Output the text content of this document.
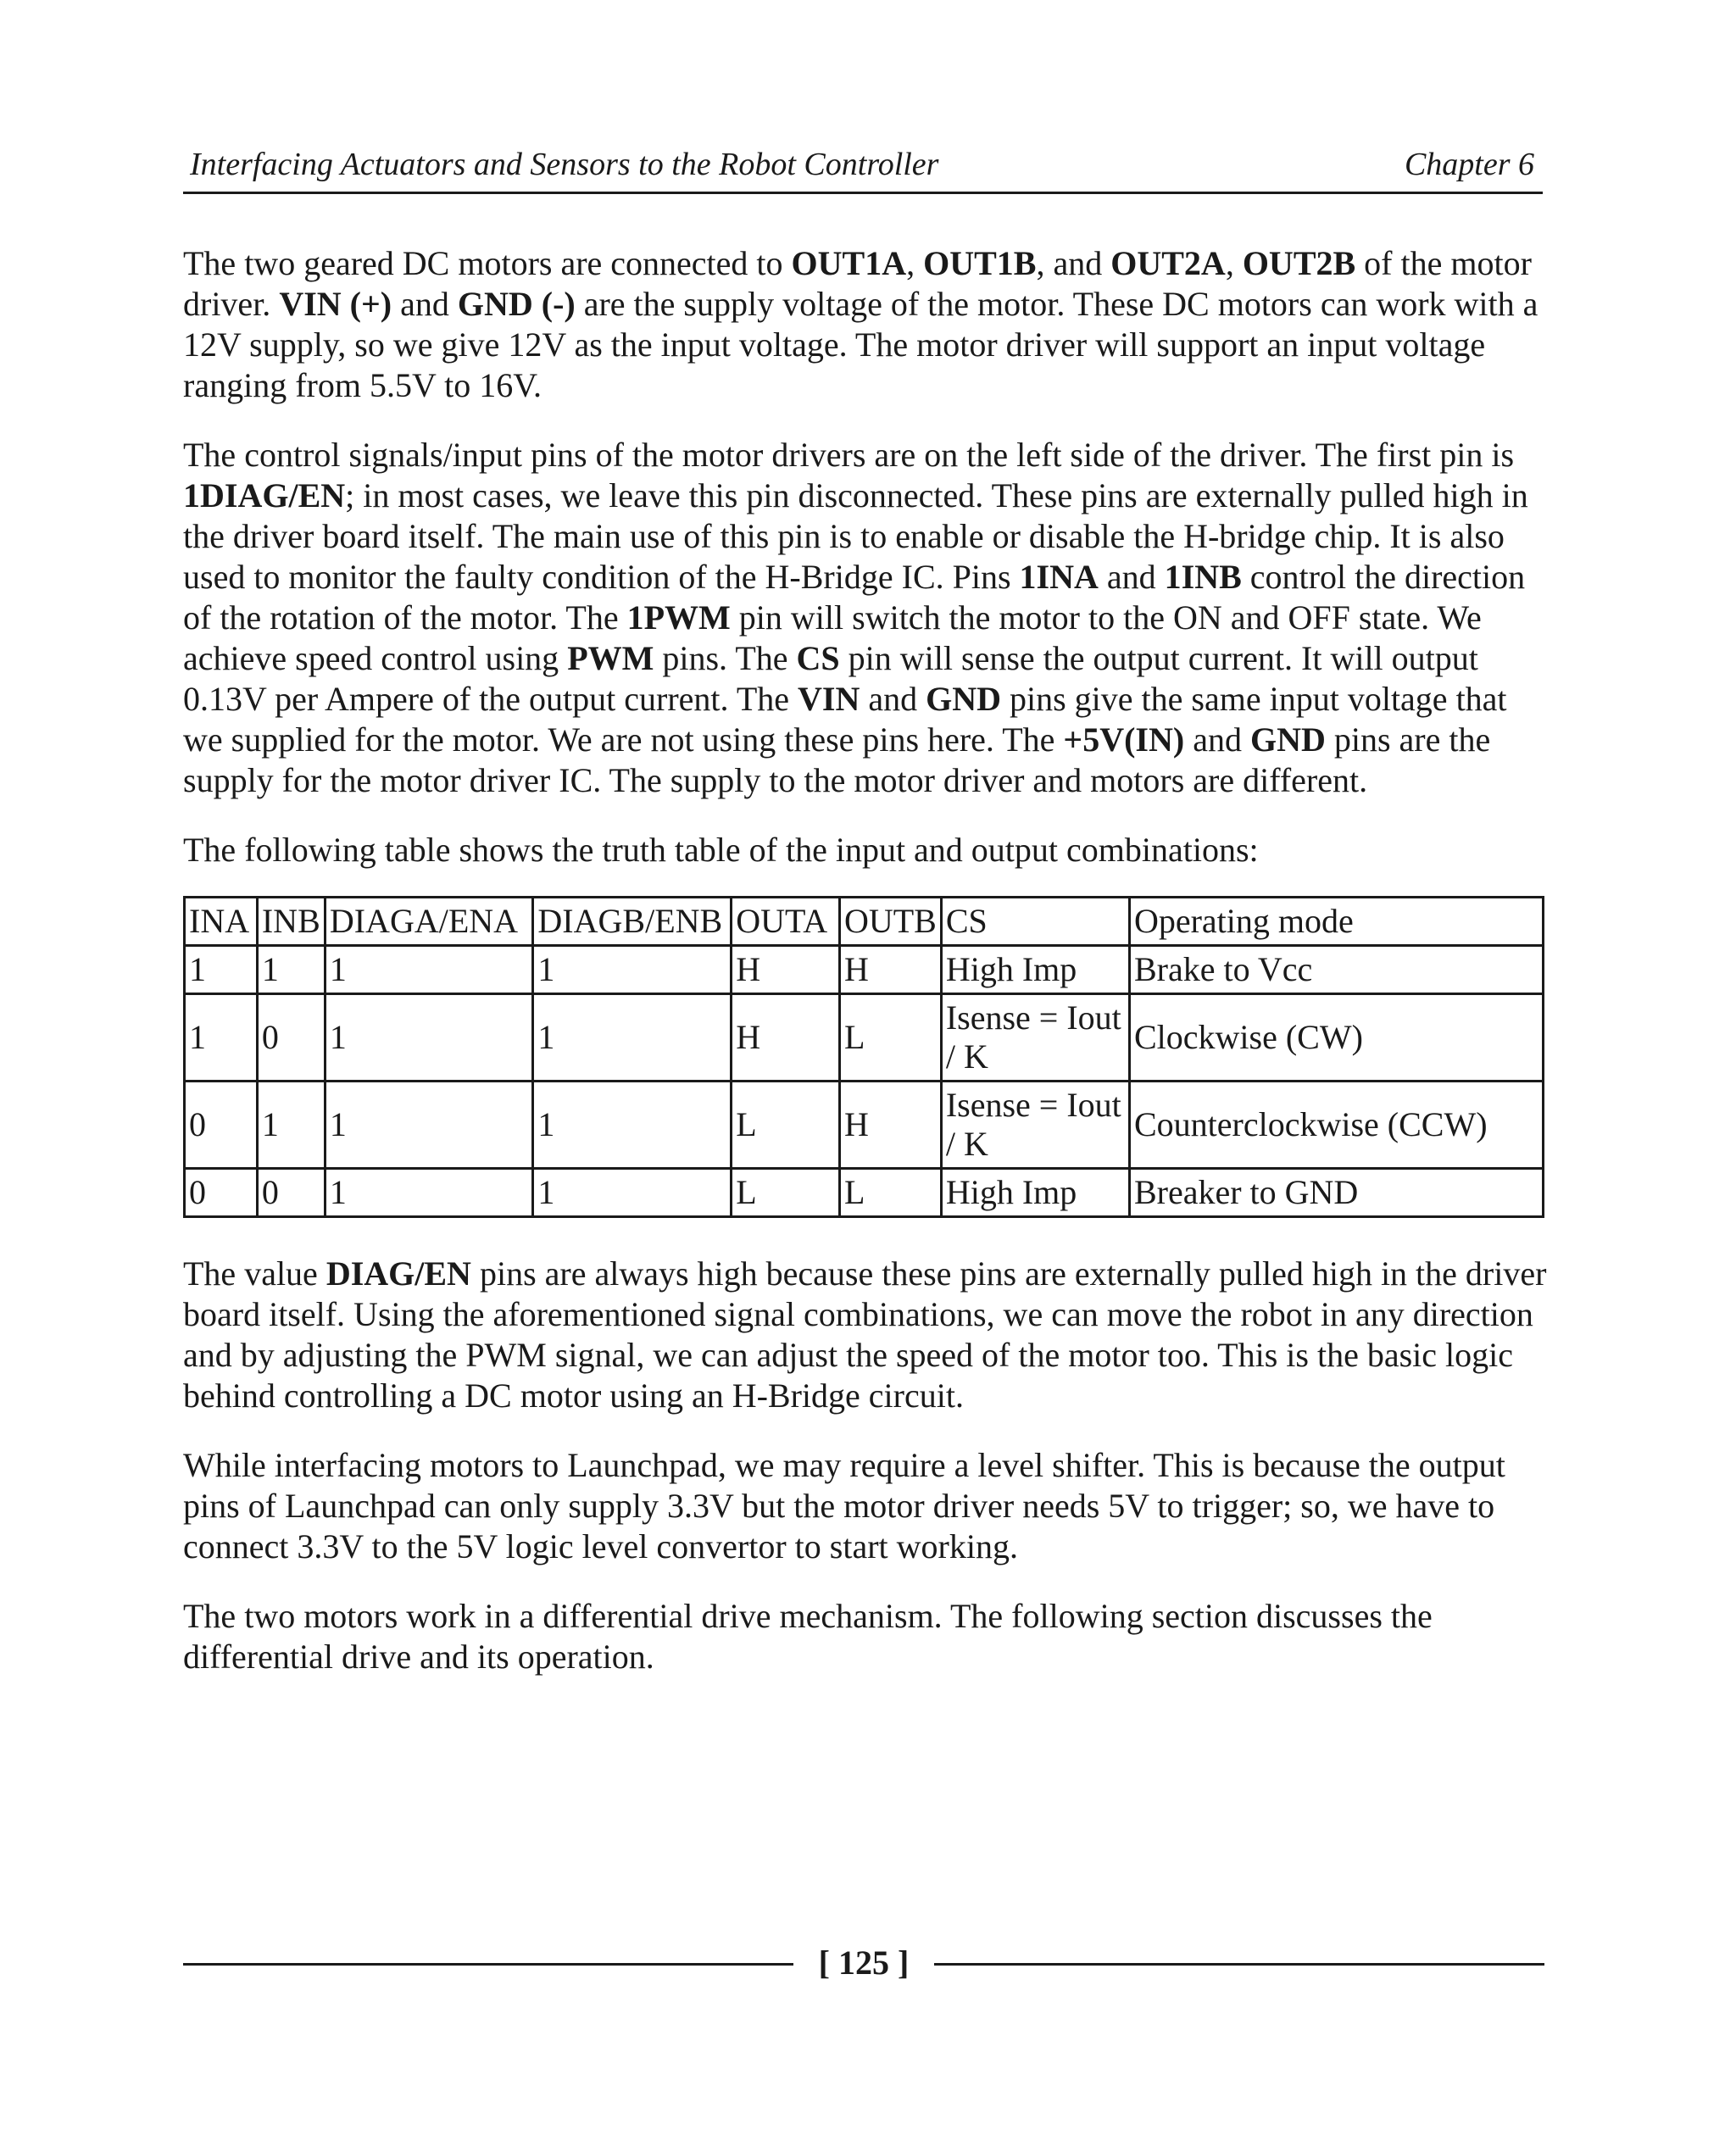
Interfacing Actuators and Sensors to the Robot Controller	Chapter 6

The two geared DC motors are connected to OUT1A, OUT1B, and OUT2A, OUT2B of the motor driver. VIN (+) and GND (-) are the supply voltage of the motor. These DC motors can work with a 12V supply, so we give 12V as the input voltage. The motor driver will support an input voltage ranging from 5.5V to 16V.

The control signals/input pins of the motor drivers are on the left side of the driver. The first pin is 1DIAG/EN; in most cases, we leave this pin disconnected. These pins are externally pulled high in the driver board itself. The main use of this pin is to enable or disable the H-bridge chip. It is also used to monitor the faulty condition of the H-Bridge IC. Pins 1INA and 1INB control the direction of the rotation of the motor. The 1PWM pin will switch the motor to the ON and OFF state. We achieve speed control using PWM pins. The CS pin will sense the output current. It will output 0.13V per Ampere of the output current. The VIN and GND pins give the same input voltage that we supplied for the motor. We are not using these pins here. The +5V(IN) and GND pins are the supply for the motor driver IC. The supply to the motor driver and motors are different.

The following table shows the truth table of the input and output combinations:

INA	INB	DIAGA/ENA	DIAGB/ENB	OUTA	OUTB	CS	Operating mode
1	1	1	1	H	H	High Imp	Brake to Vcc
1	0	1	1	H	L	Isense = Iout / K	Clockwise (CW)
0	1	1	1	L	H	Isense = Iout / K	Counterclockwise (CCW)
0	0	1	1	L	L	High Imp	Breaker to GND

The value DIAG/EN pins are always high because these pins are externally pulled high in the driver board itself. Using the aforementioned signal combinations, we can move the robot in any direction and by adjusting the PWM signal, we can adjust the speed of the motor too. This is the basic logic behind controlling a DC motor using an H-Bridge circuit.

While interfacing motors to Launchpad, we may require a level shifter. This is because the output pins of Launchpad can only supply 3.3V but the motor driver needs 5V to trigger; so, we have to connect 3.3V to the 5V logic level convertor to start working.

The two motors work in a differential drive mechanism. The following section discusses the differential drive and its operation.

[ 125 ]
